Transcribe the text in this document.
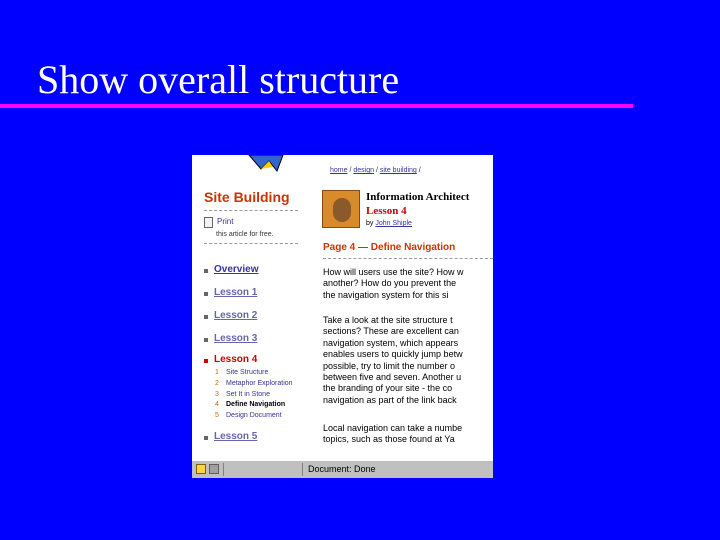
Show overall structure
Site Building
Print
this article for free.
Overview
Lesson 1
Lesson 2
Lesson 3
Lesson 4
1 Site Structure
2 Metaphor Exploration
3 Set It in Stone
4 Define Navigation
5 Design Document
Lesson 5
home / design / site building /
Information Architect
Lesson 4
by John Shiple
Page 4 — Define Navigation
How will users use the site? How w
another? How do you prevent the
the navigation system for this si
Take a look at the site structure t
sections? These are excellent can
navigation system, which appears
enables users to quickly jump betw
possible, try to limit the number o
between five and seven. Another u
the branding of your site - the co
navigation as part of the link back
Local navigation can take a numbe
topics, such as those found at Ya
Document: Done
